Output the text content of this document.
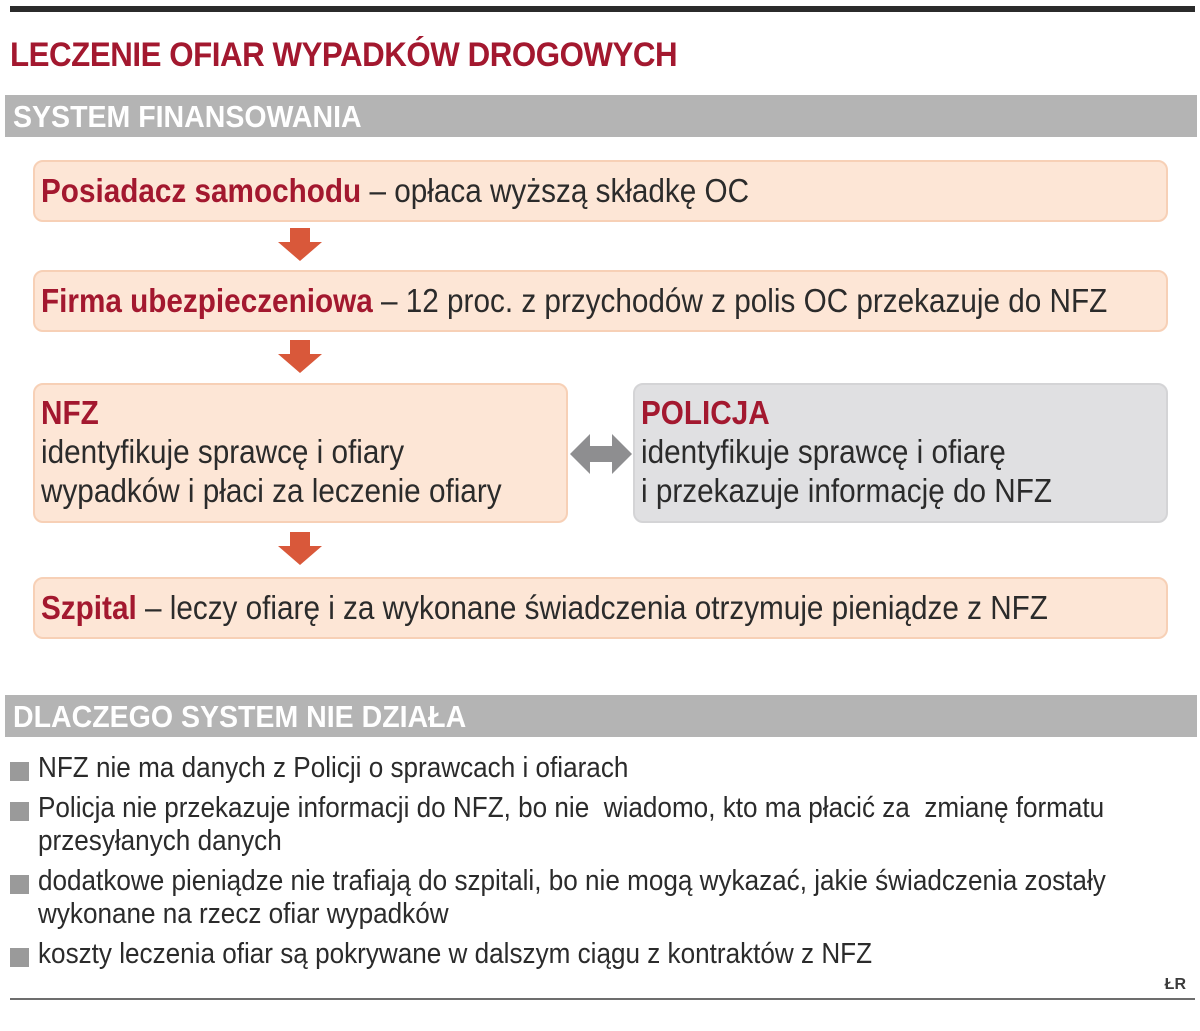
LECZENIE OFIAR WYPADKÓW DROGOWYCH
SYSTEM FINANSOWANIA
Posiadacz samochodu – opłaca wyższą składkę OC
Firma ubezpieczeniowa – 12 proc. z przychodów z polis OC przekazuje do NFZ
NFZ
identyfikuje sprawcę i ofiary
wypadków i płaci za leczenie ofiary
POLICJA
identyfikuje sprawcę i ofiarę
i przekazuje informację do NFZ
Szpital – leczy ofiarę i za wykonane świadczenia otrzymuje pieniądze z NFZ
DLACZEGO SYSTEM NIE DZIAŁA
NFZ nie ma danych z Policji o sprawcach i ofiarach
Policja nie przekazuje informacji do NFZ, bo nie  wiadomo, kto ma płacić za  zmianę formatu
przesyłanych danych
dodatkowe pieniądze nie trafiają do szpitali, bo nie mogą wykazać, jakie świadczenia zostały
wykonane na rzecz ofiar wypadków
koszty leczenia ofiar są pokrywane w dalszym ciągu z kontraktów z NFZ
ŁR
